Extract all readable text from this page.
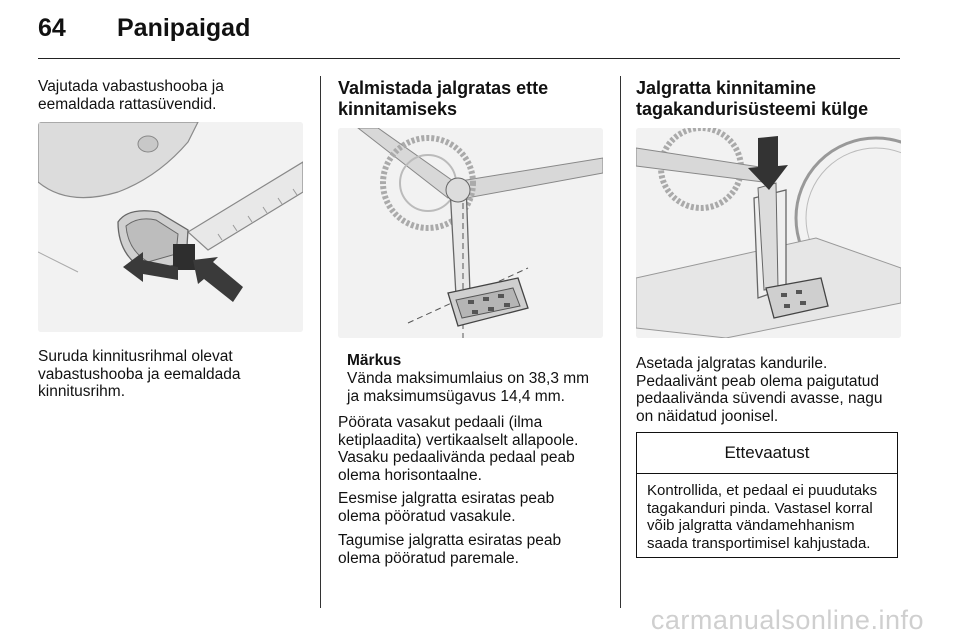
64 Panipaigad

Vajutada vabastushooba ja

eemaldada rattasüvendid.

Suruda kinnitusrihmal olevat

vabastushooba ja eemaldada

kinnitusrihm.

Valmistada jalgratas ette

kinnitamiseks

Märkus

Vända maksimumlaius on 38,3 mm

ja maksimumsügavus 14,4 mm.

Pöörata vasakut pedaali (ilma

ketiplaadita) vertikaalselt allapoole.

Vasaku pedaalivända pedaal peab

olema horisontaalne.

Eesmise jalgratta esiratas peab

olema pööratud vasakule.

Tagumise jalgratta esiratas peab

olema pööratud paremale.

Jalgratta kinnitamine

tagakandurisüsteemi külge

Asetada jalgratas kandurile.

Pedaalivänt peab olema paigutatud

pedaalivända süvendi avasse, nagu

on näidatud joonisel.

Ettevaatust

Kontrollida, et pedaal ei puudutaks

tagakanduri pinda. Vastasel korral

võib jalgratta vändamehhanism

saada transportimisel kahjustada.

carmanualsonline.info
